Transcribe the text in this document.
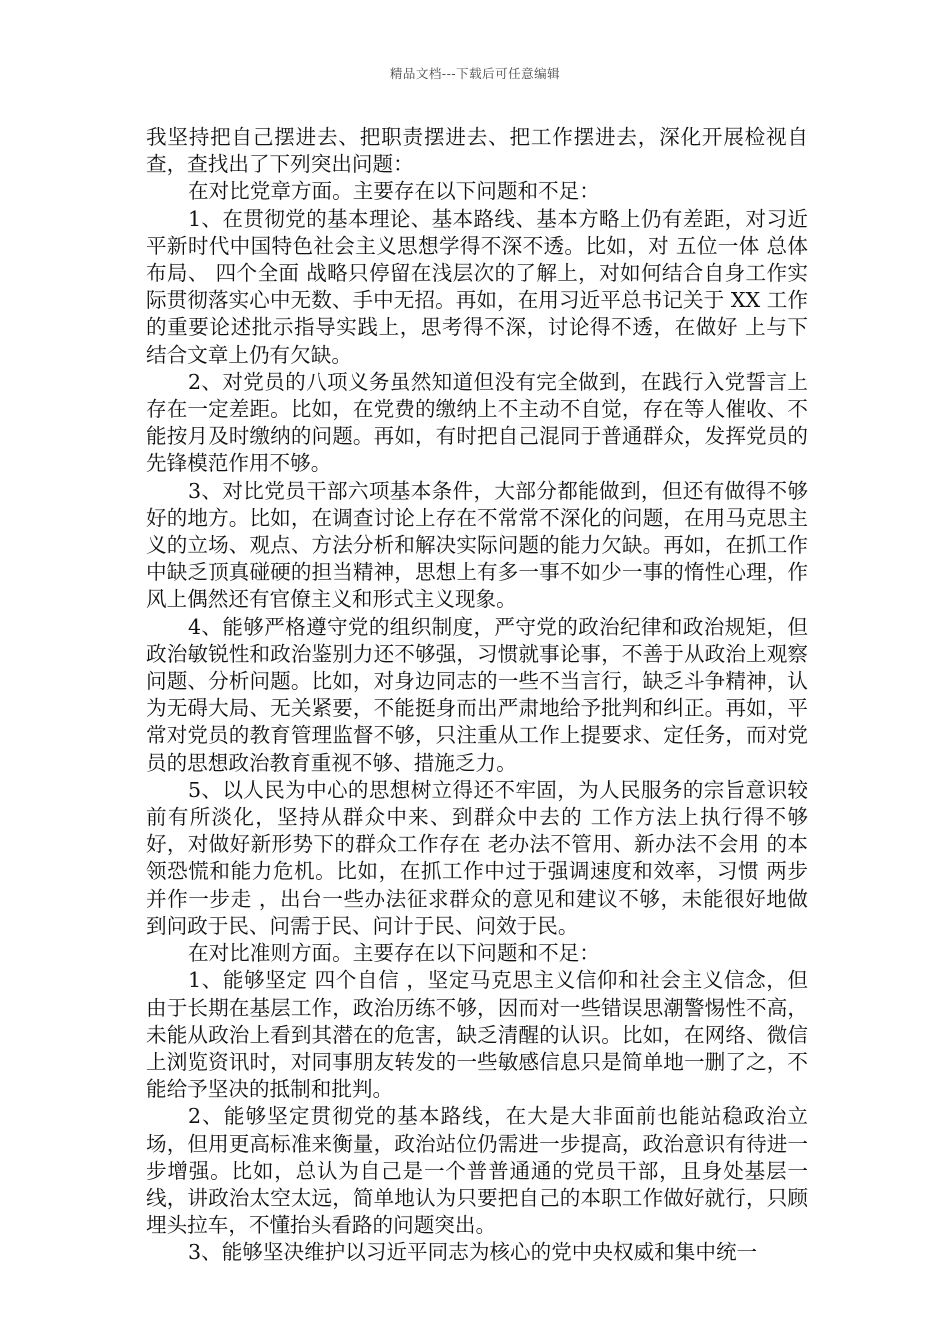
精品文档---下载后可任意编辑

我坚持把自己摆进去、把职责摆进去、把工作摆进去，深化开展检视自查，查找出了下列突出问题：

在对比党章方面。主要存在以下问题和不足：

1、在贯彻党的基本理论、基本路线、基本方略上仍有差距，对习近平新时代中国特色社会主义思想学得不深不透。比如，对 五位一体 总体布局、 四个全面 战略只停留在浅层次的了解上，对如何结合自身工作实际贯彻落实心中无数、手中无招。再如，在用习近平总书记关于 XX 工作的重要论述批示指导实践上，思考得不深，讨论得不透，在做好 上与下 结合文章上仍有欠缺。

2、对党员的八项义务虽然知道但没有完全做到，在践行入党誓言上存在一定差距。比如，在党费的缴纳上不主动不自觉，存在等人催收、不能按月及时缴纳的问题。再如，有时把自己混同于普通群众，发挥党员的先锋模范作用不够。

3、对比党员干部六项基本条件，大部分都能做到，但还有做得不够好的地方。比如，在调查讨论上存在不常常不深化的问题，在用马克思主义的立场、观点、方法分析和解决实际问题的能力欠缺。再如，在抓工作中缺乏顶真碰硬的担当精神，思想上有多一事不如少一事的惰性心理，作风上偶然还有官僚主义和形式主义现象。

4、能够严格遵守党的组织制度，严守党的政治纪律和政治规矩，但政治敏锐性和政治鉴别力还不够强，习惯就事论事，不善于从政治上观察问题、分析问题。比如，对身边同志的一些不当言行，缺乏斗争精神，认为无碍大局、无关紧要，不能挺身而出严肃地给予批判和纠正。再如，平常对党员的教育管理监督不够，只注重从工作上提要求、定任务，而对党员的思想政治教育重视不够、措施乏力。

5、以人民为中心的思想树立得还不牢固，为人民服务的宗旨意识较前有所淡化，坚持从群众中来、到群众中去的 工作方法上执行得不够好，对做好新形势下的群众工作存在 老办法不管用、新办法不会用 的本领恐慌和能力危机。比如，在抓工作中过于强调速度和效率，习惯 两步并作一步走 ，出台一些办法征求群众的意见和建议不够，未能很好地做到问政于民、问需于民、问计于民、问效于民。

在对比准则方面。主要存在以下问题和不足：

1、能够坚定 四个自信 ，坚定马克思主义信仰和社会主义信念，但由于长期在基层工作，政治历练不够，因而对一些错误思潮警惕性不高，未能从政治上看到其潜在的危害，缺乏清醒的认识。比如，在网络、微信上浏览资讯时，对同事朋友转发的一些敏感信息只是简单地一删了之，不能给予坚决的抵制和批判。

2、能够坚定贯彻党的基本路线，在大是大非面前也能站稳政治立场，但用更高标准来衡量，政治站位仍需进一步提高，政治意识有待进一步增强。比如，总认为自己是一个普普通通的党员干部，且身处基层一线，讲政治太空太远，简单地认为只要把自己的本职工作做好就行，只顾埋头拉车，不懂抬头看路的问题突出。

3、能够坚决维护以习近平同志为核心的党中央权威和集中统一
